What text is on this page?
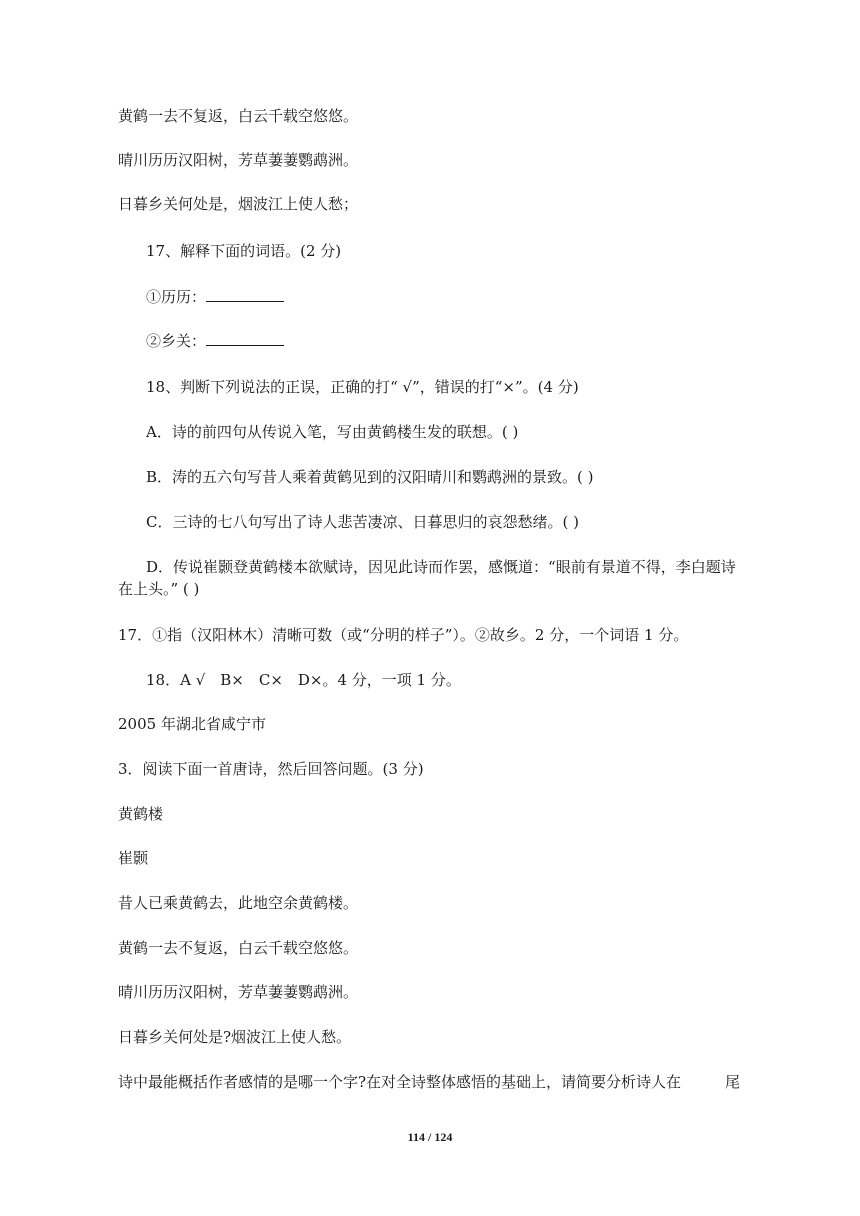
黄鹤一去不复返，白云千载空悠悠。
晴川历历汉阳树，芳草萋萋鹦鹉洲。
日暮乡关何处是，烟波江上使人愁；
17、解释下面的词语。(2 分)
①历历：
②乡关：
18、判断下列说法的正误，正确的打“ √”，错误的打“×”。(4 分)
A．诗的前四句从传说入笔，写由黄鹤楼生发的联想。( )
B．涛的五六句写昔人乘着黄鹤见到的汉阳晴川和鹦鹉洲的景致。( )
C．三诗的七八句写出了诗人悲苦凄凉、日暮思归的哀怨愁绪。( )
D．传说崔颢登黄鹤楼本欲赋诗，因见此诗而作罢，感慨道：“眼前有景道不得，李白题诗
在上头。” ( )
17．①指（汉阳林木）清晰可数（或“分明的样子”）。②故乡。2 分，一个词语 1 分。
18．A √　B×　C×　D×。4 分，一项 1 分。
2005 年湖北省咸宁市
3．阅读下面一首唐诗，然后回答问题。(3 分)
黄鹤楼
崔颢
昔人已乘黄鹤去，此地空余黄鹤楼。
黄鹤一去不复返，白云千载空悠悠。
晴川历历汉阳树，芳草萋萋鹦鹉洲。
日暮乡关何处是?烟波江上使人愁。
诗中最能概括作者感情的是哪一个字?在对全诗整体感悟的基础上，请简要分析诗人在	尾
114 / 124
